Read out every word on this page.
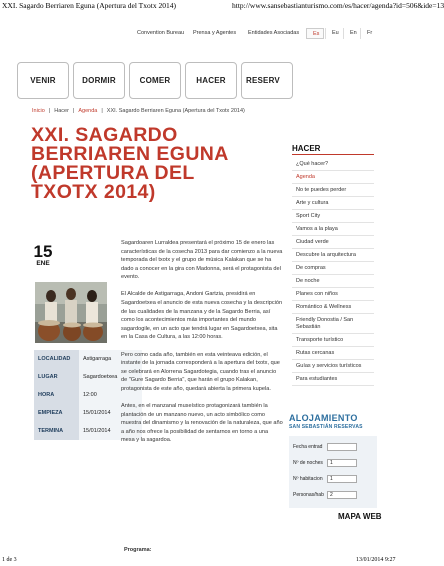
XXI. Sagardo Berriaren Eguna (Apertura del Txotx 2014)	http://www.sansebastianturismo.com/es/hacer/agenda?id=506&ide=13
Convention Bureau Prensa y Agentes Entidades Asociadas	Es	Eu	En	Fr
VENIR	DORMIR	COMER	HACER	RESERV
Inicio | Hacer | Agenda | XXI. Sagardo Berriaren Eguna (Apertura del Txotx 2014)
XXI. SAGARDO BERRIAREN EGUNA (APERTURA DEL TXOTX 2014)
15
ENE
LOCALIDAD	Astigarraga
LUGAR	Sagardoetxea
HORA	12:00
EMPIEZA	15/01/2014
TERMINA	15/01/2014

Sagardoaren Lurraldea presentará el próximo 15 de enero las características de la cosecha 2013 para dar comienzo a la nueva temporada del txotx y el grupo de música Kalakan que se ha dado a conocer en la gira con Madonna, será el protagonista del evento.

El Alcalde de Astigarraga, Andoni Gartzia, presidirá en Sagardoetxea el anuncio de esta nueva cosecha y la descripción de las cualidades de la manzana y de la Sagardo Berria, así como los acontecimientos más importantes del mundo sagardogile, en un acto que tendrá lugar en Sagardoetxea, sita en la Casa de Cultura, a las 12:00 horas.

Pero como cada año, también en esta veinteava edición, el instante de la jornada corresponderá a la apertura del txotx, que se celebrará en Alorrena Sagardotegia, cuando tras el anuncio de "Gure Sagardo Berria", que harán el grupo Kalakan, protagonista de este año, quedará abierta la primera kupela.

Antes, en el manzanal museístico protagonizará también la plantación de un manzano nuevo, un acto simbólico como muestra del dinamismo y la renovación de la naturaleza, que año a año nos ofrece la posibilidad de sentarnos en torno a una mesa y la sagardoa.

Programa:
HACER
¿Qué hacer?
Agenda
No te puedes perder
Arte y cultura
Sport City
Vamos a la playa
Ciudad verde
Descubre la arquitectura
De compras
De noche
Planes con niños
Romántico & Wellness
Friendly Donostia / San Sebastián
Transporte turístico
Rutas cercanas
Guías y servicios turísticos
Para estudiantes
ALOJAMIENTO
SAN SEBASTIÁN RESERVAS
Fecha entrad
Nº de noches	1
Nº habitacion	1
Personas/hab	2
MAPA WEB
1 de 3	13/01/2014 9:27
